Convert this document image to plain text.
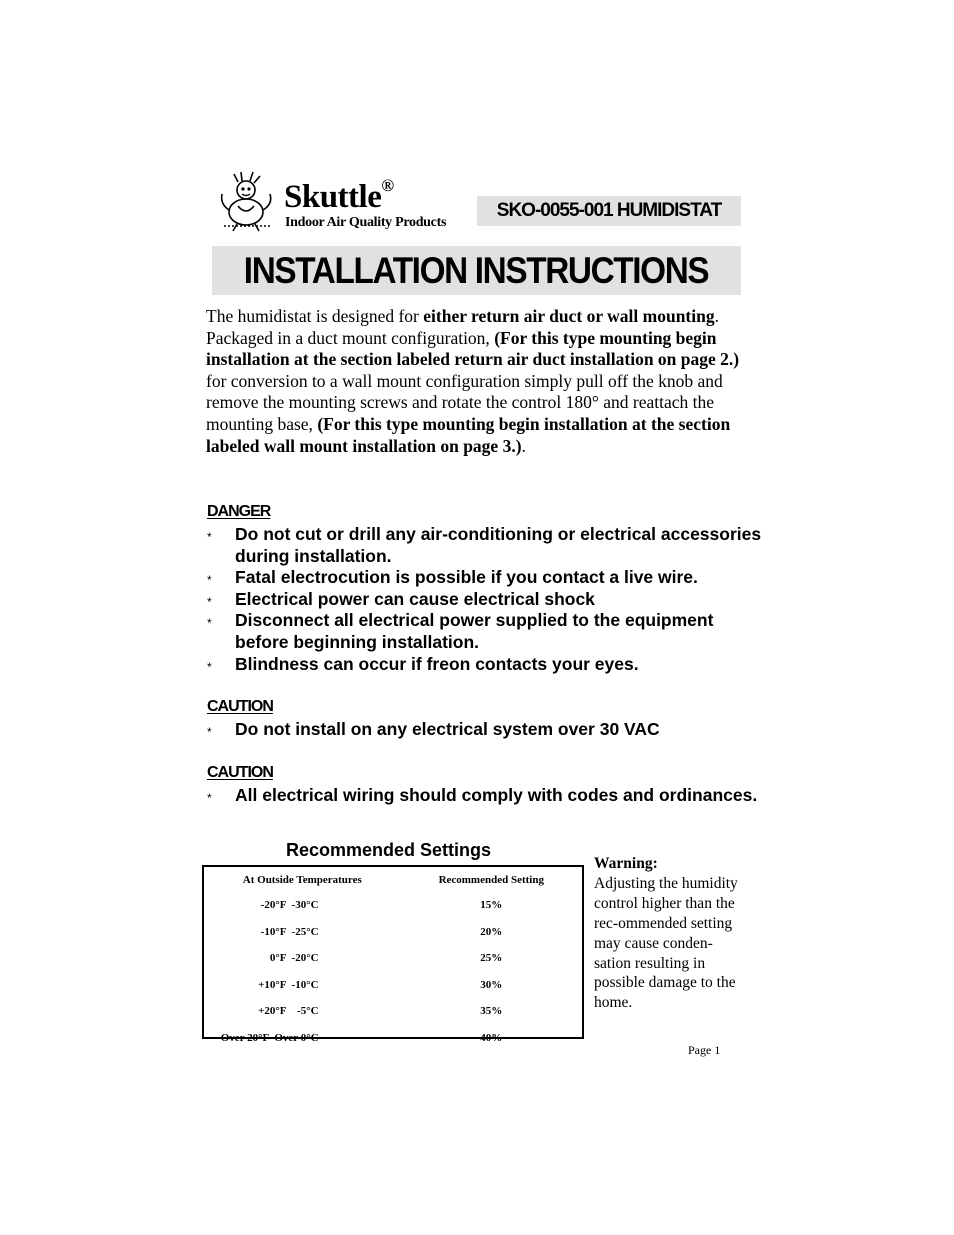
Skuttle®
Indoor Air Quality Products
SKO-0055-001 HUMIDISTAT
INSTALLATION INSTRUCTIONS
The humidistat is designed for either return air duct or wall mounting. Packaged in a duct mount configuration, (For this type mounting begin installation at the section labeled return air duct installation on page 2.) for conversion to a wall mount configuration simply pull off the knob and remove the mounting screws and rotate the control 180° and reattach the mounting base, (For this type mounting begin installation at the section labeled wall mount installation on page 3.).
DANGER
* Do not cut or drill any air-conditioning or electrical accessories during installation.
* Fatal electrocution is possible if you contact a live wire.
* Electrical power can cause electrical shock
* Disconnect all electrical power supplied to the equipment before beginning installation.
* Blindness can occur if freon contacts your eyes.
CAUTION
* Do not install on any electrical system over 30 VAC
CAUTION
* All electrical wiring should comply with codes and ordinances.
Recommended Settings
At Outside Temperatures	Recommended Setting
-20°F  -30°C	15%
-10°F  -25°C	20%
0°F  -20°C	25%
+10°F  -10°C	30%
+20°F    -5°C	35%
Over 20°F  Over 0°C	40%
Warning:
Adjusting the humidity control higher than the rec-ommended setting may cause conden-sation resulting in possible damage to the home.
Page 1
